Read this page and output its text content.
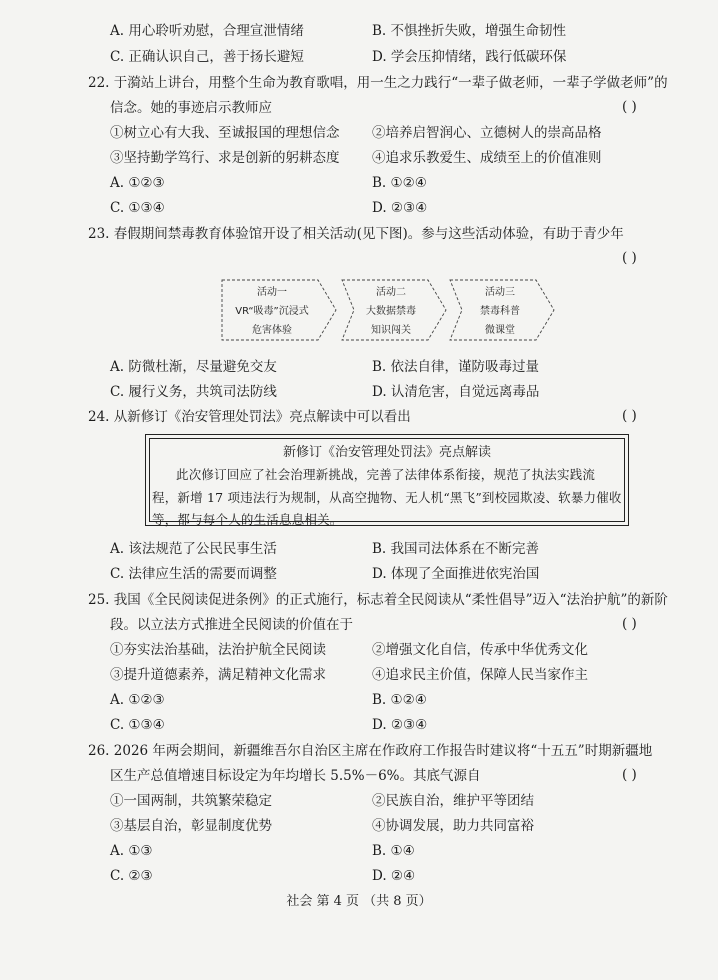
A. 用心聆听劝慰，合理宣泄情绪	B. 不惧挫折失败，增强生命韧性
C. 正确认识自己，善于扬长避短	D. 学会压抑情绪，践行低碳环保
22. 于漪站上讲台，用整个生命为教育歌唱，用一生之力践行“一辈子做老师，一辈子学做老师”的
信念。她的事迹启示教师应	( )
①树立心有大我、至诚报国的理想信念 ②培养启智润心、立德树人的崇高品格
③坚持勤学笃行、求是创新的躬耕态度 ④追求乐教爱生、成绩至上的价值准则
A. ①②③	B. ①②④
C. ①③④	D. ②③④
23. 春假期间禁毒教育体验馆开设了相关活动(见下图)。参与这些活动体验，有助于青少年
( )
活动一
VR“吸毒”沉浸式
危害体验
活动二
大数据禁毒
知识闯关
活动三
禁毒科普
微课堂
A. 防微杜渐，尽量避免交友	B. 依法自律，谨防吸毒过量
C. 履行义务，共筑司法防线	D. 认清危害，自觉远离毒品
24. 从新修订《治安管理处罚法》亮点解读中可以看出	( )
新修订《治安管理处罚法》亮点解读
此次修订回应了社会治理新挑战，完善了法律体系衔接，规范了执法实践流
程，新增 17 项违法行为规制，从高空抛物、无人机“黑飞”到校园欺凌、软暴力催收
等，都与每个人的生活息息相关。
A. 该法规范了公民民事生活	B. 我国司法体系在不断完善
C. 法律应生活的需要而调整	D. 体现了全面推进依宪治国
25. 我国《全民阅读促进条例》的正式施行，标志着全民阅读从“柔性倡导”迈入“法治护航”的新阶
段。以立法方式推进全民阅读的价值在于	( )
①夯实法治基础，法治护航全民阅读	②增强文化自信，传承中华优秀文化
③提升道德素养，满足精神文化需求	④追求民主价值，保障人民当家作主
A. ①②③	B. ①②④
C. ①③④	D. ②③④
26. 2026 年两会期间，新疆维吾尔自治区主席在作政府工作报告时建议将“十五五”时期新疆地
区生产总值增速目标设定为年均增长 5.5%－6%。其底气源自	( )
①一国两制，共筑繁荣稳定	②民族自治，维护平等团结
③基层自治，彰显制度优势	④协调发展，助力共同富裕
A. ①③	B. ①④
C. ②③	D. ②④
社会 第 4 页 （共 8 页）
